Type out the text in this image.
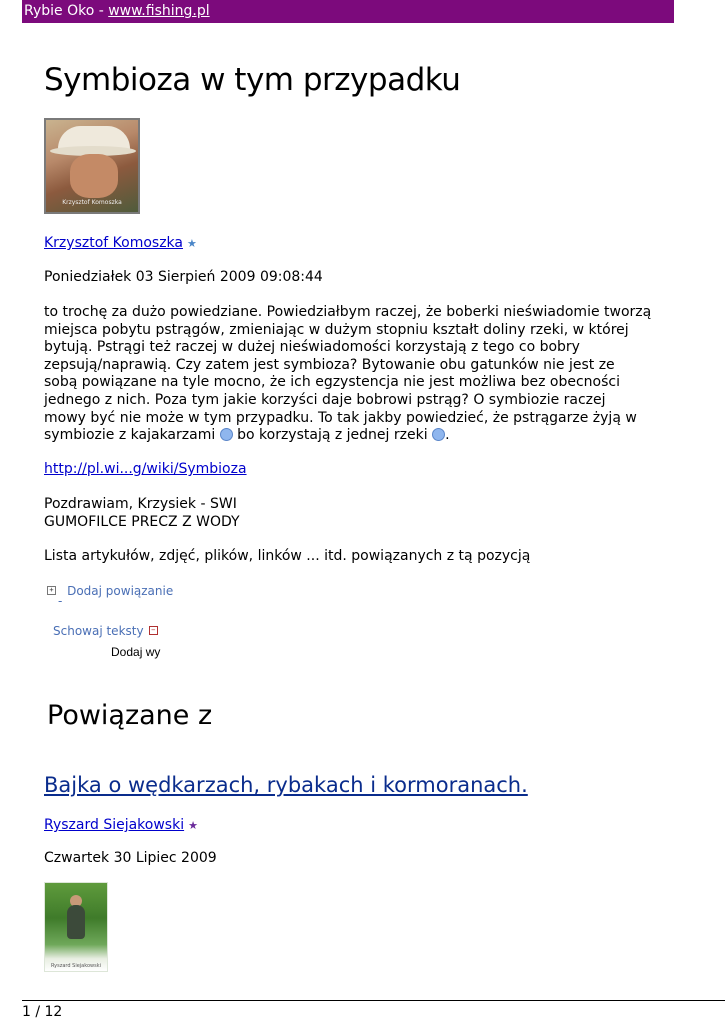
Rybie Oko - www.fishing.pl
Symbioza w tym przypadku
Krzysztof Komoszka
Krzysztof Komoszka ★
Poniedziałek 03 Sierpień 2009 09:08:44

to trochę za dużo powiedziane. Powiedziałbym raczej, że boberki nieświadomie tworzą
miejsca pobytu pstrągów, zmieniając w dużym stopniu kształt doliny rzeki, w której
bytują. Pstrągi też raczej w dużej nieświadomości korzystają z tego co bobry
zepsują/naprawią. Czy zatem jest symbioza? Bytowanie obu gatunków nie jest ze
sobą powiązane na tyle mocno, że ich egzystencja nie jest możliwa bez obecności
jednego z nich. Poza tym jakie korzyści daje bobrowi pstrąg? O symbiozie raczej
mowy być nie może w tym przypadku. To tak jakby powiedzieć, że pstrągarze żyją w
symbiozie z kajakarzami  bo korzystają z jednej rzeki .

http://pl.wi...g/wiki/Symbioza
Pozdrawiam, Krzysiek - SWI
GUMOFILCE PRECZ Z WODY
Lista artykułów, zdjęć, plików, linków ... itd. powiązanych z tą pozycją
+ Dodaj powiązanie
-
Schowaj teksty −
Dodaj wy
Powiązane z
Bajka o wędkarzach, rybakach i kormoranach.
Ryszard Siejakowski ★
Czwartek 30 Lipiec 2009
Ryszard Siejakowski
1 / 12
